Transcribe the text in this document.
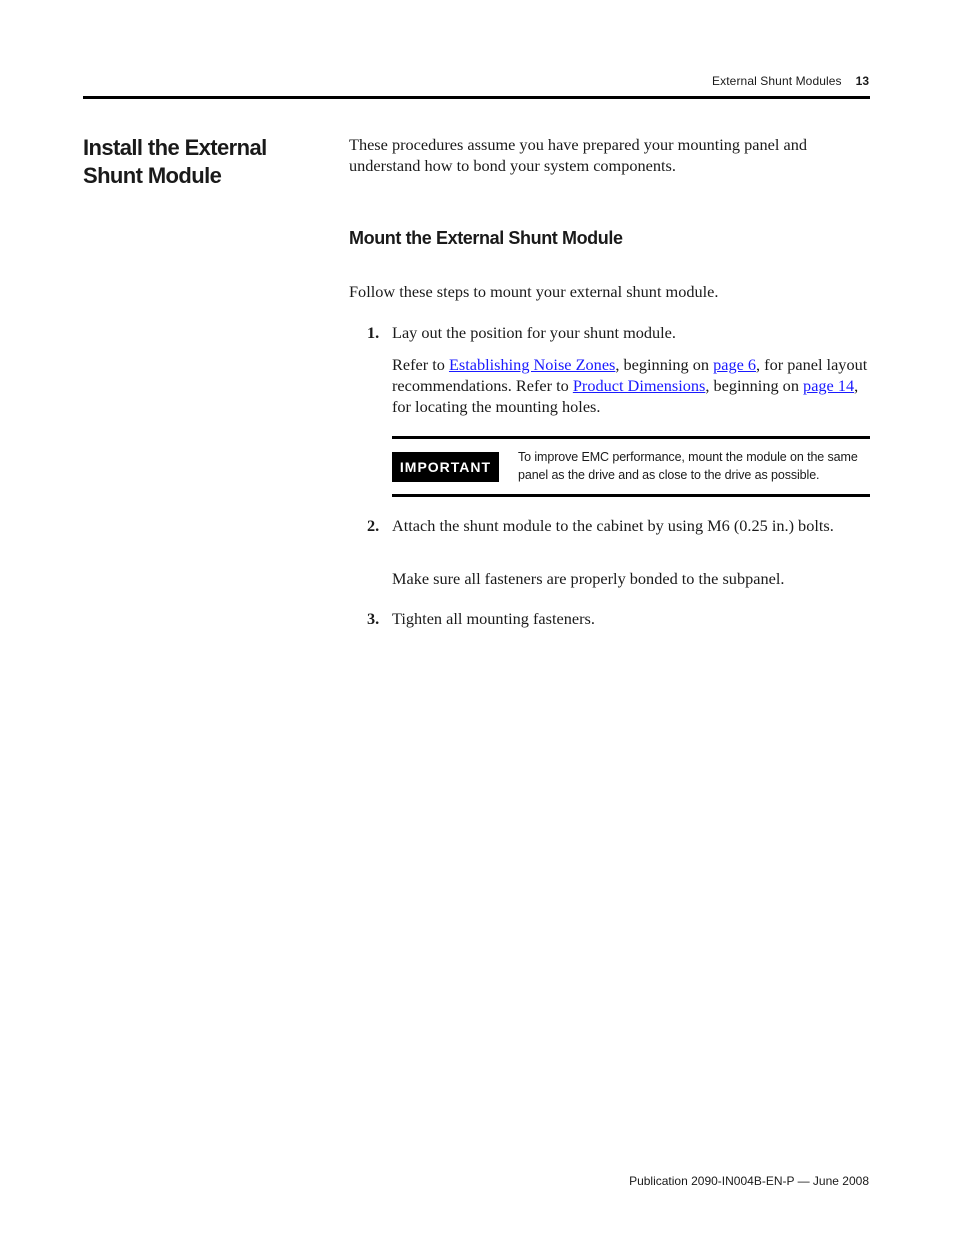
External Shunt Modules 13
Install the External Shunt Module

These procedures assume you have prepared your mounting panel and understand how to bond your system components.

Mount the External Shunt Module

Follow these steps to mount your external shunt module.

1. Lay out the position for your shunt module.

Refer to Establishing Noise Zones, beginning on page 6, for panel layout recommendations. Refer to Product Dimensions, beginning on page 14, for locating the mounting holes.

IMPORTANT

To improve EMC performance, mount the module on the same panel as the drive and as close to the drive as possible.

2. Attach the shunt module to the cabinet by using M6 (0.25 in.) bolts.

Make sure all fasteners are properly bonded to the subpanel.

3. Tighten all mounting fasteners.

Publication 2090-IN004B-EN-P — June 2008
